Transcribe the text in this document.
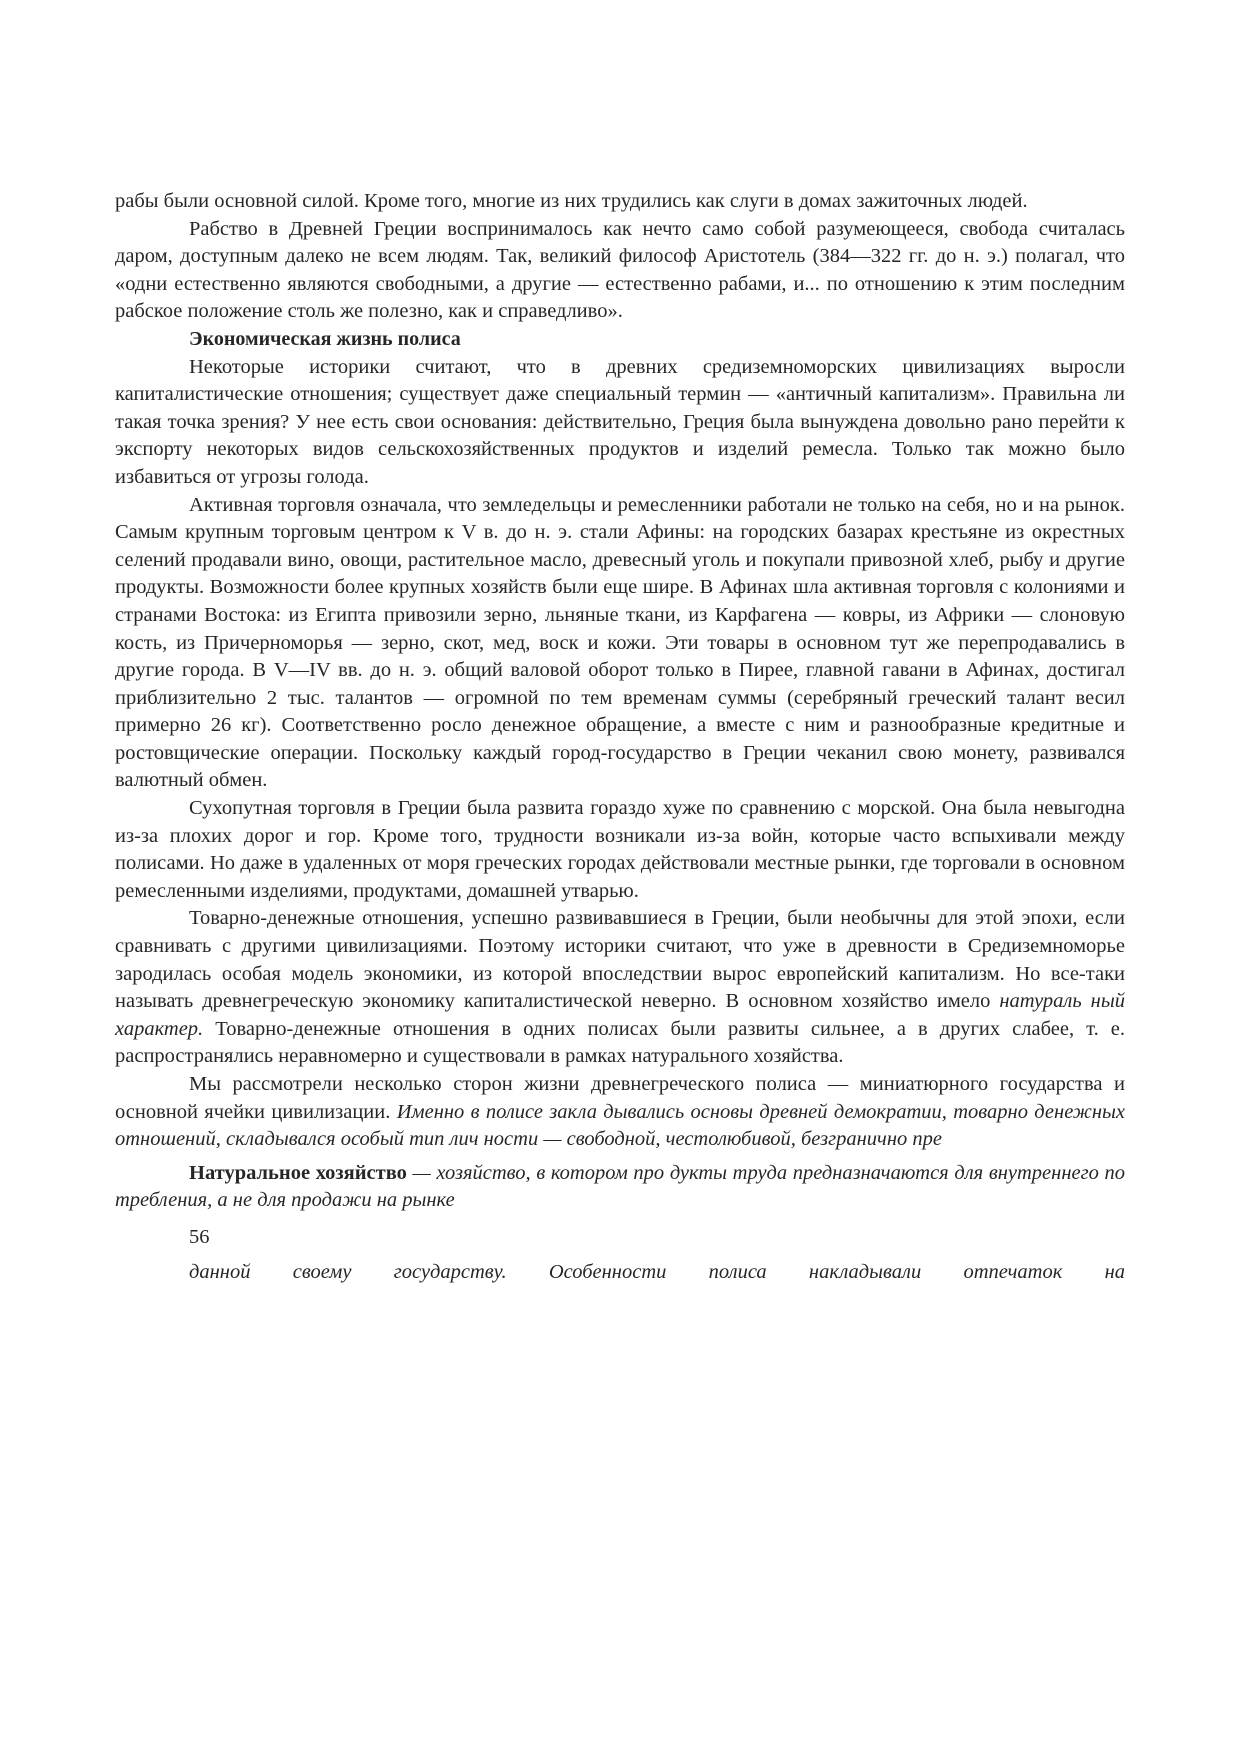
рабы были основной силой. Кроме того, многие из них трудились как слуги в домах зажиточных людей.

Рабство в Древней Греции воспринималось как нечто само собой разумеющееся, свобода считалась даром, доступным далеко не всем людям. Так, великий философ Аристотель (384—322 гг. до н. э.) полагал, что «одни естественно являются свободными, а другие — естественно рабами, и... по отношению к этим последним рабское положение столь же полезно, как и справедливо».

Экономическая жизнь полиса

Некоторые историки считают, что в древних средиземноморских цивилизациях выросли капиталистические отношения; существует даже специальный термин — «античный капитализм». Правильна ли такая точка зрения? У нее есть свои основания: действительно, Греция была вынуждена довольно рано перейти к экспорту некоторых видов сельскохозяйственных продуктов и изделий ремесла. Только так можно было избавиться от угрозы голода.

Активная торговля означала, что земледельцы и ремесленники работали не только на себя, но и на рынок. Самым крупным торговым центром к V в. до н. э. стали Афины: на городских базарах крестьяне из окрестных селений продавали вино, овощи, растительное масло, древесный уголь и покупали привозной хлеб, рыбу и другие продукты. Возможности более крупных хозяйств были еще шире. В Афинах шла активная торговля с колониями и странами Востока: из Египта привозили зерно, льняные ткани, из Карфагена — ковры, из Африки — слоновую кость, из Причерноморья — зерно, скот, мед, воск и кожи. Эти товары в основном тут же перепродавались в другие города. В V—IV вв. до н. э. общий валовой оборот только в Пирее, главной гавани в Афинах, достигал приблизительно 2 тыс. талантов — огромной по тем временам суммы (серебряный греческий талант весил примерно 26 кг). Соответственно росло денежное обращение, а вместе с ним и разнообразные кредитные и ростовщические операции. Поскольку каждый город-государство в Греции чеканил свою монету, развивался валютный обмен.

Сухопутная торговля в Греции была развита гораздо хуже по сравнению с морской. Она была невыгодна из-за плохих дорог и гор. Кроме того, трудности возникали из-за войн, которые часто вспыхивали между полисами. Но даже в удаленных от моря греческих городах действовали местные рынки, где торговали в основном ремесленными изделиями, продуктами, домашней утварью.

Товарно-денежные отношения, успешно развивавшиеся в Греции, были необычны для этой эпохи, если сравнивать с другими цивилизациями. Поэтому историки считают, что уже в древности в Средиземноморье зародилась особая модель экономики, из которой впоследствии вырос европейский капитализм. Но все-таки называть древнегреческую экономику капиталистической неверно. В основном хозяйство имело натураль ный характер. Товарно-денежные отношения в одних полисах были развиты сильнее, а в других слабее, т. е. распространялись неравномерно и существовали в рамках натурального хозяйства.

Мы рассмотрели несколько сторон жизни древнегреческого полиса — миниатюрного государства и основной ячейки цивилизации. Именно в полисе закла дывались основы древней демократии, товарно денежных отношений, складывался особый тип лич ности — свободной, честолюбивой, безгранично пре

Натуральное хозяйство — хозяйство, в котором про дукты труда предназначаются для внутреннего по требления, а не для продажи на рынке

56

данной своему государству. Особенности полиса накладывали отпечаток на
